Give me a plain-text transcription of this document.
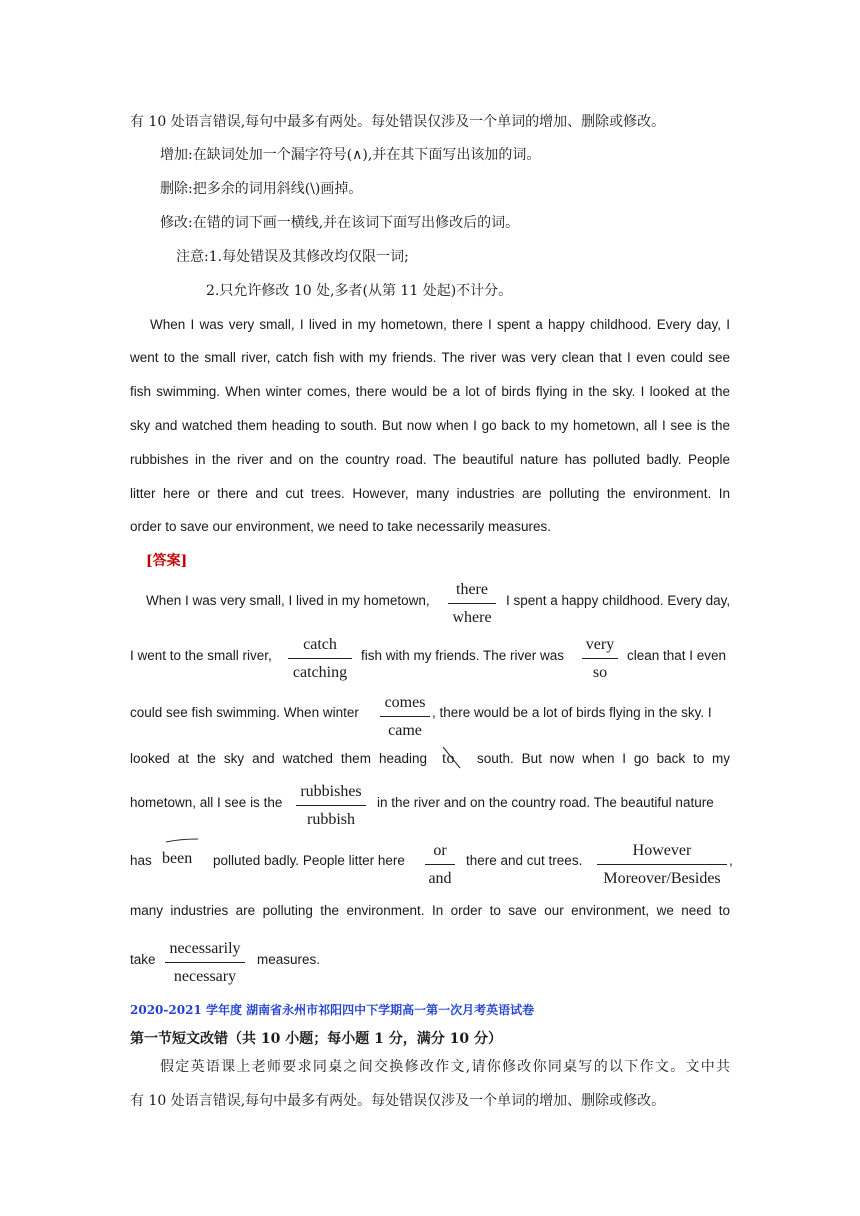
有 10 处语言错误,每句中最多有两处。每处错误仅涉及一个单词的增加、删除或修改。
增加:在缺词处加一个漏字符号(∧),并在其下面写出该加的词。
删除:把多余的词用斜线(\)画掉。
修改:在错的词下画一横线,并在该词下面写出修改后的词。
注意:1.每处错误及其修改均仅限一词;
2.只允许修改 10 处,多者(从第 11 处起)不计分。
When I was very small, I lived in my hometown, there I spent a happy childhood. Every day, I
went to the small river, catch fish with my friends. The river was very clean that I even could see
fish swimming. When winter comes, there would be a lot of birds flying in the sky. I looked at the
sky and watched them heading to south. But now when I go back to my hometown, all I see is the
rubbishes in the river and on the country road. The beautiful nature has polluted badly. People
litter here or there and cut trees. However, many industries are polluting the environment. In
order to save our environment, we need to take necessarily measures.
[答案]
When I was very small, I lived in my hometown,
there
where
I spent a happy childhood. Every day,
I went to the small river,
catch
catching
fish with my friends. The river was
very
so
clean that I even
could see fish swimming. When winter
comes
came
, there would be a lot of birds flying in the sky. I
looked at the sky and watched them heading to south. But now when I go back to my
hometown, all I see is the
rubbishes
rubbish
in the river and on the country road. The beautiful nature
has been polluted badly. People litter here
or
and
there and cut trees.
However
Moreover/Besides
,
many industries are polluting the environment. In order to save our environment, we need to
take
necessarily
necessary
measures.
2020-2021 学年度 湖南省永州市祁阳四中下学期高一第一次月考英语试卷
第一节短文改错（共 10 小题；每小题 1 分，满分 10 分）
假定英语课上老师要求同桌之间交换修改作文,请你修改你同桌写的以下作文。文中共
有 10 处语言错误,每句中最多有两处。每处错误仅涉及一个单词的增加、删除或修改。
